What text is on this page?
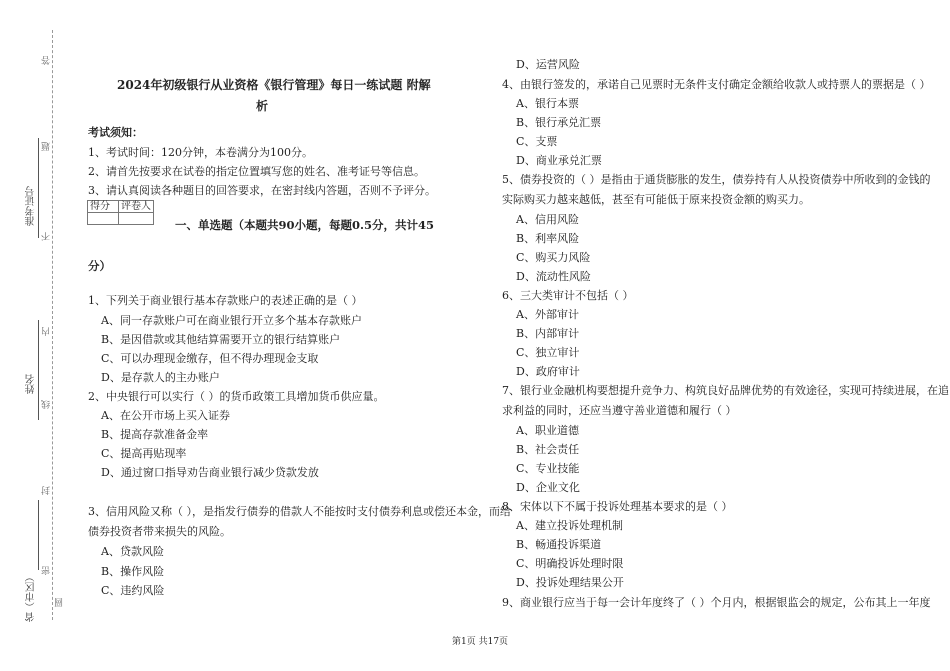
答
题
准考证号
不
内
姓名
线
封
密
省（市区） 圆
2024年初级银行从业资格《银行管理》每日一练试题 附解
析
考试须知：
1、考试时间：120分钟，本卷满分为100分。
2、请首先按要求在试卷的指定位置填写您的姓名、准考证号等信息。
3、请认真阅读各种题目的回答要求，在密封线内答题，否则不予评分。
得分	评卷人

一、单选题（本题共90小题，每题0.5分，共计45
分）
1、下列关于商业银行基本存款账户的表述正确的是（ ）
A、同一存款账户可在商业银行开立多个基本存款账户
B、是因借款或其他结算需要开立的银行结算账户
C、可以办理现金缴存，但不得办理现金支取
D、是存款人的主办账户
2、中央银行可以实行（ ）的货币政策工具增加货币供应量。
A、在公开市场上买入证券
B、提高存款准备金率
C、提高再贴现率
D、通过窗口指导劝告商业银行减少贷款发放
3、信用风险又称（ ），是指发行债券的借款人不能按时支付债券利息或偿还本金，而给
债券投资者带来损失的风险。
A、贷款风险
B、操作风险
C、违约风险
D、运营风险
4、由银行签发的，承诺自己见票时无条件支付确定金额给收款人或持票人的票据是（ ）
A、银行本票
B、银行承兑汇票
C、支票
D、商业承兑汇票
5、债券投资的（ ）是指由于通货膨胀的发生，债券持有人从投资债券中所收到的金钱的
实际购买力越来越低，甚至有可能低于原来投资金额的购买力。
A、信用风险
B、利率风险
C、购买力风险
D、流动性风险
6、三大类审计不包括（ ）
A、外部审计
B、内部审计
C、独立审计
D、政府审计
7、银行业金融机构要想提升竞争力、构筑良好品牌优势的有效途径，实现可持续进展，在追
求利益的同时，还应当遵守善业道德和履行（ ）
A、职业道德
B、社会责任
C、专业技能
D、企业文化
8、宋体以下不属于投诉处理基本要求的是（ ）
A、建立投诉处理机制
B、畅通投诉渠道
C、明确投诉处理时限
D、投诉处理结果公开
9、商业银行应当于每一会计年度终了（ ）个月内，根据银监会的规定，公布其上一年度
第1页 共17页
